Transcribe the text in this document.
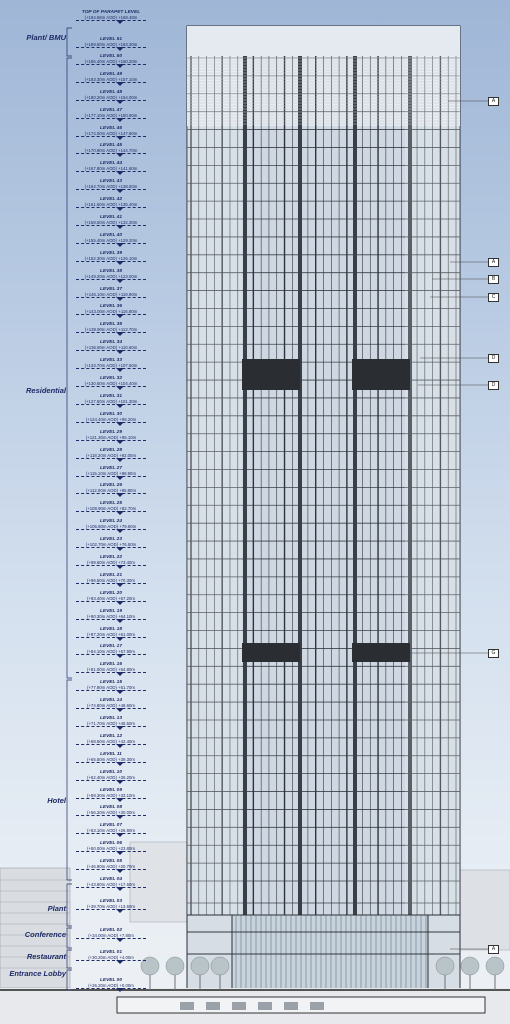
TOP OF PARAPET LEVEL
(+194.68m AOD) +168.48m
LEVEL 51
(+189.50m AOD) +163.30m
LEVEL 50
(+186.40m AOD) +160.20m
LEVEL 49
(+183.30m AOD) +157.10m
LEVEL 48
(+180.20m AOD) +154.00m
LEVEL 47
(+177.10m AOD) +150.90m
LEVEL 46
(+174.00m AOD) +147.80m
LEVEL 45
(+170.90m AOD) +144.70m
LEVEL 44
(+167.80m AOD) +141.60m
LEVEL 43
(+164.70m AOD) +138.50m
LEVEL 42
(+161.60m AOD) +135.40m
LEVEL 41
(+158.50m AOD) +132.30m
LEVEL 40
(+155.40m AOD) +129.20m
LEVEL 39
(+152.30m AOD) +126.10m
LEVEL 38
(+149.20m AOD) +123.00m
LEVEL 37
(+146.10m AOD) +119.90m
LEVEL 36
(+143.00m AOD) +116.80m
LEVEL 35
(+139.90m AOD) +113.70m
LEVEL 34
(+136.80m AOD) +110.60m
LEVEL 33
(+133.70m AOD) +107.50m
LEVEL 32
(+130.60m AOD) +104.40m
LEVEL 31
(+127.50m AOD) +101.30m
LEVEL 30
(+124.40m AOD) +98.20m
LEVEL 29
(+121.30m AOD) +95.10m
LEVEL 28
(+118.20m AOD) +92.00m
LEVEL 27
(+115.10m AOD) +88.90m
LEVEL 26
(+112.00m AOD) +85.80m
LEVEL 25
(+108.90m AOD) +82.70m
LEVEL 24
(+105.80m AOD) +79.60m
LEVEL 23
(+102.70m AOD) +76.50m
LEVEL 22
(+99.60m AOD) +73.40m
LEVEL 21
(+96.50m AOD) +70.30m
LEVEL 20
(+93.40m AOD) +67.20m
LEVEL 19
(+90.30m AOD) +64.10m
LEVEL 18
(+87.20m AOD) +61.00m
LEVEL 17
(+84.10m AOD) +57.90m
LEVEL 16
(+81.00m AOD) +54.80m
LEVEL 15
(+77.90m AOD) +51.70m
LEVEL 14
(+74.80m AOD) +48.60m
LEVEL 13
(+71.70m AOD) +45.50m
LEVEL 12
(+68.60m AOD) +42.40m
LEVEL 11
(+65.50m AOD) +39.30m
LEVEL 10
(+62.40m AOD) +36.20m
LEVEL 09
(+59.30m AOD) +33.10m
LEVEL 08
(+56.20m AOD) +30.00m
LEVEL 07
(+53.10m AOD) +26.90m
LEVEL 06
(+50.00m AOD) +23.80m
LEVEL 05
(+46.90m AOD) +20.70m
LEVEL 04
(+43.80m AOD) +17.60m
LEVEL 03
(+39.70m AOD) +13.50m
LEVEL 02
(+34.00m AOD) +7.80m
LEVEL 01
(+30.20m AOD) +4.00m
LEVEL 00
(+26.20m AOD) +0.00m
Plant/ BMU
Residential
Hotel
Plant
Conference
Restaurant
Entrance Lobby
A
A
B
C
D
D
G
A
